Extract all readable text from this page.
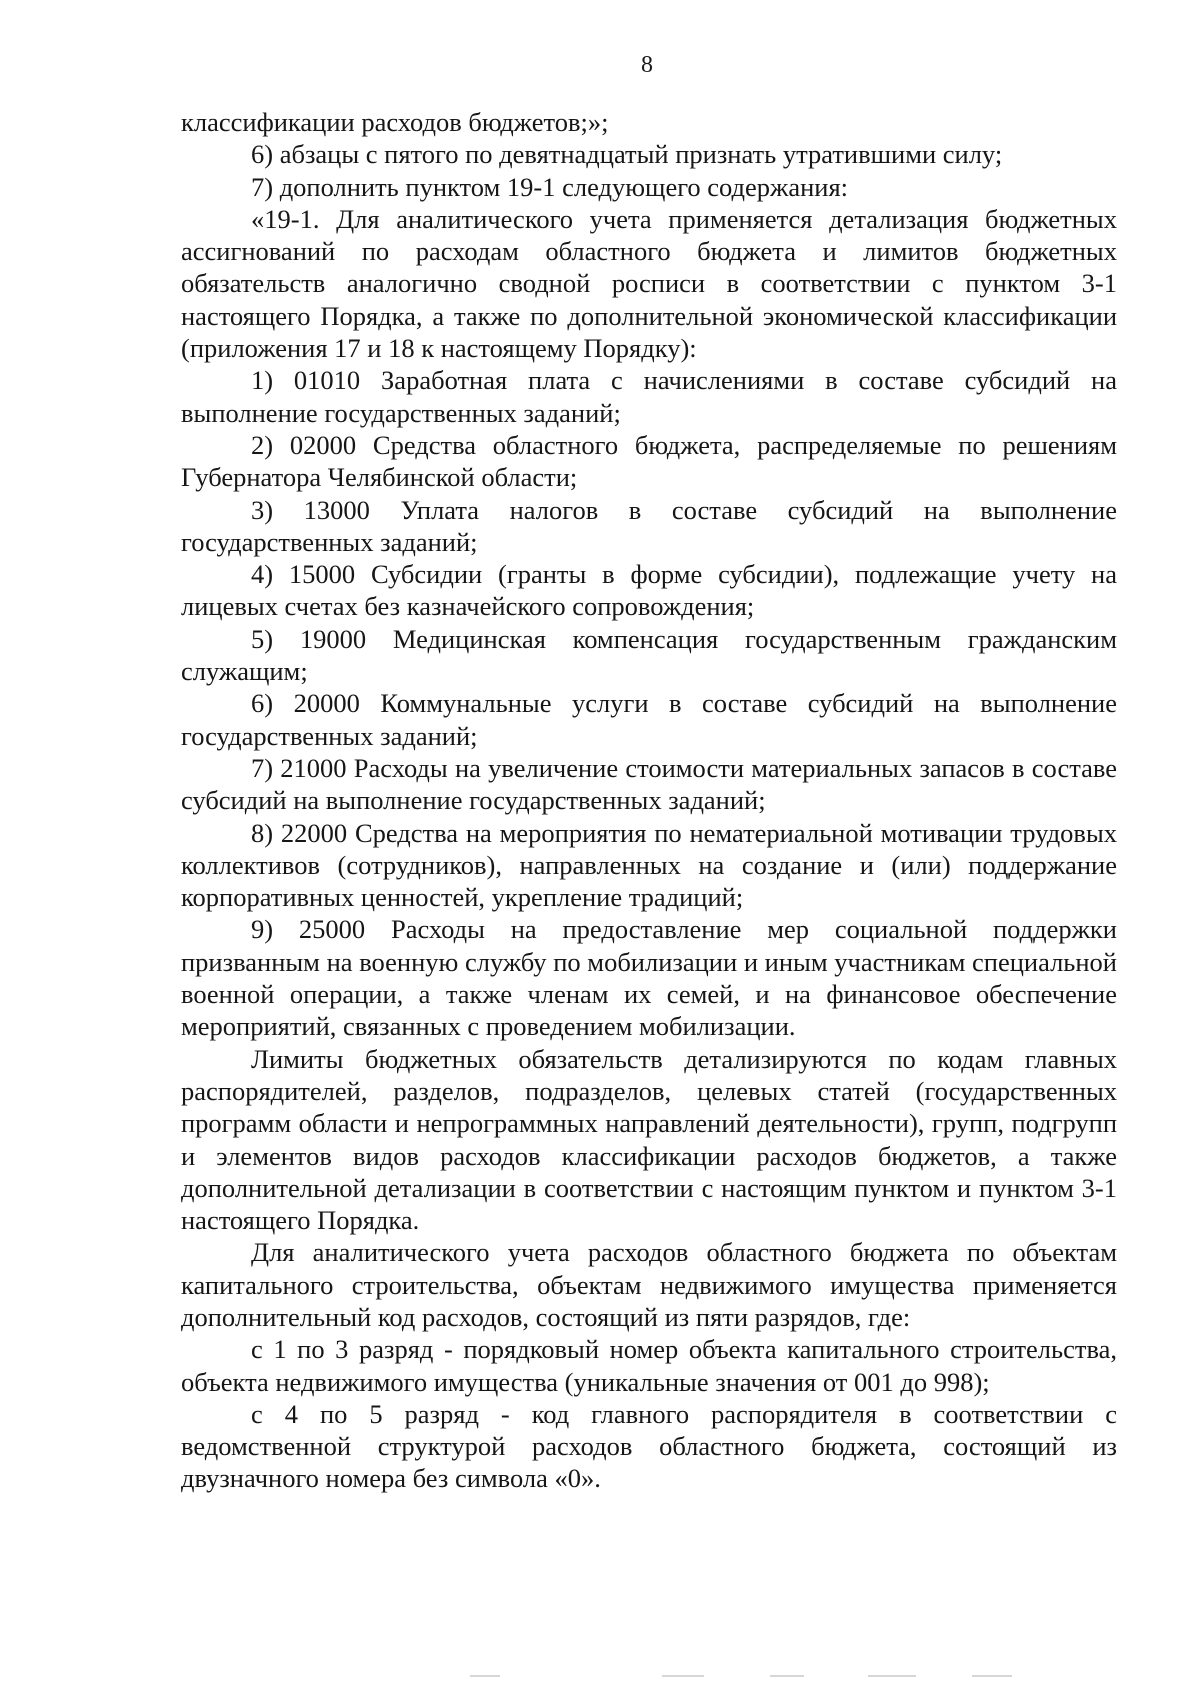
8

классификации расходов бюджетов;»;

6) абзацы с пятого по девятнадцатый признать утратившими силу;

7) дополнить пунктом 19-1 следующего содержания:

«19-1. Для аналитического учета применяется детализация бюджетных ассигнований по расходам областного бюджета и лимитов бюджетных обязательств аналогично сводной росписи в соответствии с пунктом 3-1 настоящего Порядка, а также по дополнительной экономической классификации (приложения 17 и 18 к настоящему Порядку):

1) 01010 Заработная плата с начислениями в составе субсидий на выполнение государственных заданий;

2) 02000 Средства областного бюджета, распределяемые по решениям Губернатора Челябинской области;

3) 13000 Уплата налогов в составе субсидий на выполнение государственных заданий;

4) 15000 Субсидии (гранты в форме субсидии), подлежащие учету на лицевых счетах без казначейского сопровождения;

5) 19000 Медицинская компенсация государственным гражданским служащим;

6) 20000 Коммунальные услуги в составе субсидий на выполнение государственных заданий;

7) 21000 Расходы на увеличение стоимости материальных запасов в составе субсидий на выполнение государственных заданий;

8) 22000 Средства на мероприятия по нематериальной мотивации трудовых коллективов (сотрудников), направленных на создание и (или) поддержание корпоративных ценностей, укрепление традиций;

9) 25000 Расходы на предоставление мер социальной поддержки призванным на военную службу по мобилизации и иным участникам специальной военной операции, а также членам их семей, и на финансовое обеспечение мероприятий, связанных с проведением мобилизации.

Лимиты бюджетных обязательств детализируются по кодам главных распорядителей, разделов, подразделов, целевых статей (государственных программ области и непрограммных направлений деятельности), групп, подгрупп и элементов видов расходов классификации расходов бюджетов, а также дополнительной детализации в соответствии с настоящим пунктом и пунктом 3-1 настоящего Порядка.

Для аналитического учета расходов областного бюджета по объектам капитального строительства, объектам недвижимого имущества применяется дополнительный код расходов, состоящий из пяти разрядов, где:

с 1 по 3 разряд - порядковый номер объекта капитального строительства, объекта недвижимого имущества (уникальные значения от 001 до 998);

с 4 по 5 разряд - код главного распорядителя в соответствии с ведомственной структурой расходов областного бюджета, состоящий из двузначного номера без символа «0».
